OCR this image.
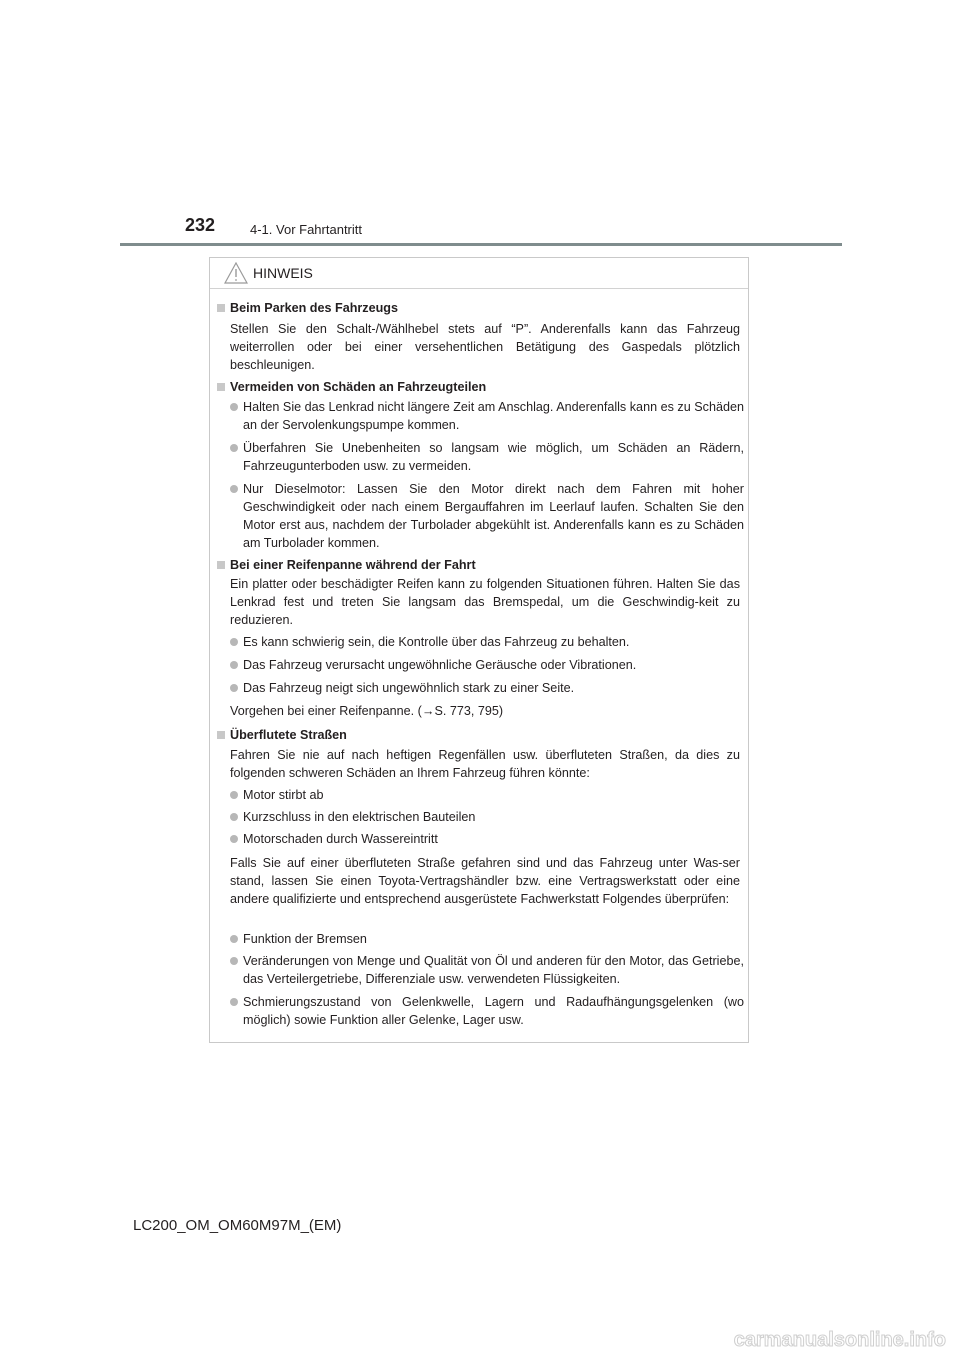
232	4-1. Vor Fahrtantritt
HINWEIS
Beim Parken des Fahrzeugs
Stellen Sie den Schalt-/Wählhebel stets auf “P”. Anderenfalls kann das Fahrzeug weiterrollen oder bei einer versehentlichen Betätigung des Gaspedals plötzlich beschleunigen.
Vermeiden von Schäden an Fahrzeugteilen
Halten Sie das Lenkrad nicht längere Zeit am Anschlag. Anderenfalls kann es zu Schäden an der Servolenkungspumpe kommen.
Überfahren Sie Unebenheiten so langsam wie möglich, um Schäden an Rädern, Fahrzeugunterboden usw. zu vermeiden.
Nur Dieselmotor: Lassen Sie den Motor direkt nach dem Fahren mit hoher Geschwindigkeit oder nach einem Bergauffahren im Leerlauf laufen. Schalten Sie den Motor erst aus, nachdem der Turbolader abgekühlt ist. Anderenfalls kann es zu Schäden am Turbolader kommen.
Bei einer Reifenpanne während der Fahrt
Ein platter oder beschädigter Reifen kann zu folgenden Situationen führen. Halten Sie das Lenkrad fest und treten Sie langsam das Bremspedal, um die Geschwindig-keit zu reduzieren.
Es kann schwierig sein, die Kontrolle über das Fahrzeug zu behalten.
Das Fahrzeug verursacht ungewöhnliche Geräusche oder Vibrationen.
Das Fahrzeug neigt sich ungewöhnlich stark zu einer Seite.
Vorgehen bei einer Reifenpanne. (→S. 773, 795)
Überflutete Straßen
Fahren Sie nie auf nach heftigen Regenfällen usw. überfluteten Straßen, da dies zu folgenden schweren Schäden an Ihrem Fahrzeug führen könnte:
Motor stirbt ab
Kurzschluss in den elektrischen Bauteilen
Motorschaden durch Wassereintritt
Falls Sie auf einer überfluteten Straße gefahren sind und das Fahrzeug unter Was-ser stand, lassen Sie einen Toyota-Vertragshändler bzw. eine Vertragswerkstatt oder eine andere qualifizierte und entsprechend ausgerüstete Fachwerkstatt Folgendes überprüfen:
Funktion der Bremsen
Veränderungen von Menge und Qualität von Öl und anderen für den Motor, das Getriebe, das Verteilergetriebe, Differenziale usw. verwendeten Flüssigkeiten.
Schmierungszustand von Gelenkwelle, Lagern und Radaufhängungsgelenken (wo möglich) sowie Funktion aller Gelenke, Lager usw.
LC200_OM_OM60M97M_(EM)
carmanualsonline.info
